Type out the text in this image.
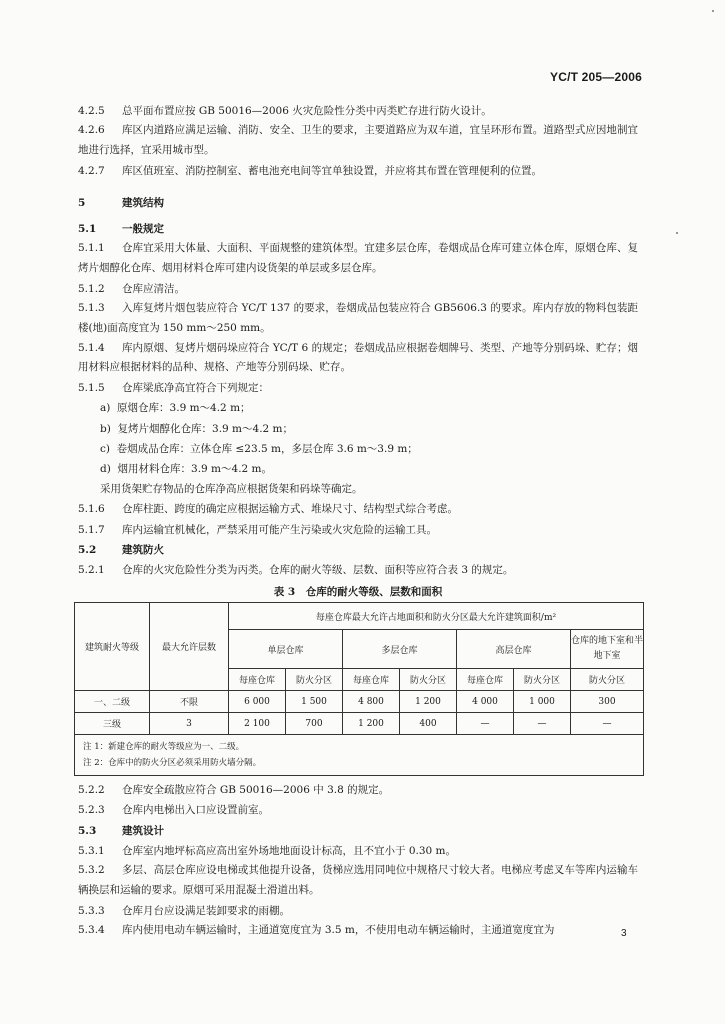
YC/T 205—2006
4.2.5 总平面布置应按 GB 50016—2006 火灾危险性分类中丙类贮存进行防火设计。
4.2.6 库区内道路应满足运输、消防、安全、卫生的要求，主要道路应为双车道，宜呈环形布置。道路型式应因地制宜地进行选择，宜采用城市型。
4.2.7 库区值班室、消防控制室、蓄电池充电间等宜单独设置，并应将其布置在管理便利的位置。
5	建筑结构
5.1 一般规定
5.1.1 仓库宜采用大体量、大面积、平面规整的建筑体型。宜建多层仓库，卷烟成品仓库可建立体仓库，原烟仓库、复烤片烟醇化仓库、烟用材料仓库可建内设货架的单层或多层仓库。
5.1.2 仓库应清洁。
5.1.3 入库复烤片烟包装应符合 YC/T 137 的要求，卷烟成品包装应符合 GB5606.3 的要求。库内存放的物料包装距楼(地)面高度宜为 150 mm～250 mm。
5.1.4 库内原烟、复烤片烟码垛应符合 YC/T 6 的规定；卷烟成品应根据卷烟牌号、类型、产地等分别码垛、贮存；烟用材料应根据材料的品种、规格、产地等分别码垛、贮存。
5.1.5 仓库梁底净高宜符合下列规定：
a) 原烟仓库：3.9 m～4.2 m；
b) 复烤片烟醇化仓库：3.9 m～4.2 m；
c) 卷烟成品仓库：立体仓库 ≤23.5 m，多层仓库 3.6 m～3.9 m；
d) 烟用材料仓库：3.9 m～4.2 m。
采用货架贮存物品的仓库净高应根据货架和码垛等确定。
5.1.6 仓库柱距、跨度的确定应根据运输方式、堆垛尺寸、结构型式综合考虑。
5.1.7 库内运输宜机械化，严禁采用可能产生污染或火灾危险的运输工具。
5.2 建筑防火
5.2.1 仓库的火灾危险性分类为丙类。仓库的耐火等级、层数、面积等应符合表 3 的规定。
表 3　仓库的耐火等级、层数和面积
建筑耐火等级	最大允许层数	每座仓库最大允许占地面积和防火分区最大允许建筑面积/m²						
		单层仓库		多层仓库		高层仓库		仓库的地下室和半地下室
		每座仓库	防火分区	每座仓库	防火分区	每座仓库	防火分区	防火分区
一、二级	不限	6 000	1 500	4 800	1 200	4 000	1 000	300
三级	3	2 100	700	1 200	400	—	—	—

注 1：新建仓库的耐火等级应为一、二级。
注 2：仓库中的防火分区必须采用防火墙分隔。								
5.2.2 仓库安全疏散应符合 GB 50016—2006 中 3.8 的规定。
5.2.3 仓库内电梯出入口应设置前室。
5.3 建筑设计
5.3.1 仓库室内地坪标高应高出室外场地地面设计标高，且不宜小于 0.30 m。
5.3.2 多层、高层仓库应设电梯或其他提升设备，货梯应选用同吨位中规格尺寸较大者。电梯应考虑叉车等库内运输车辆换层和运输的要求。原烟可采用混凝土滑道出料。
5.3.3 仓库月台应设满足装卸要求的雨棚。
5.3.4 库内使用电动车辆运输时，主通道宽度宜为 3.5 m，不使用电动车辆运输时，主通道宽度宜为	3
